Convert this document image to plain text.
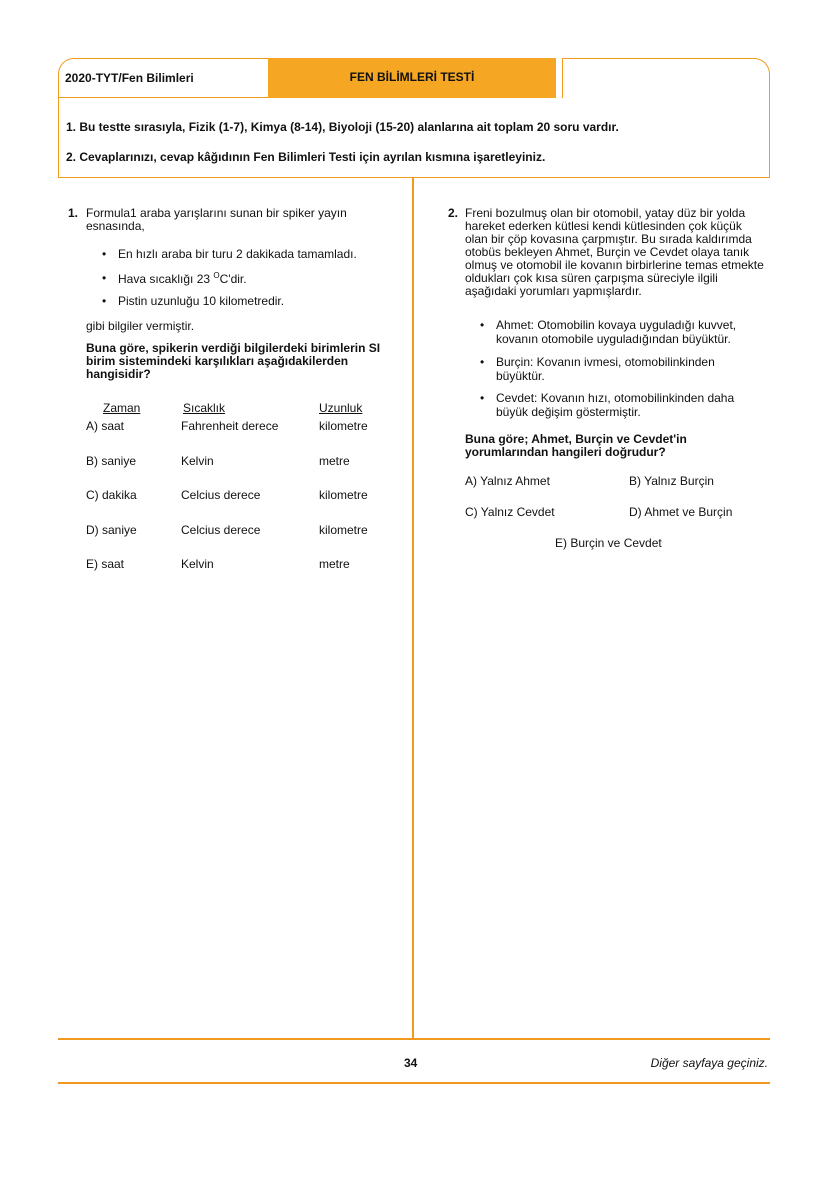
2020-TYT/Fen Bilimleri	FEN BİLİMLERİ TESTİ
1. Bu testte sırasıyla, Fizik (1-7), Kimya (8-14), Biyoloji (15-20) alanlarına ait toplam 20 soru vardır.
2. Cevaplarınızı, cevap kâğıdının Fen Bilimleri Testi için ayrılan kısmına işaretleyiniz.
1. Formula1 araba yarışlarını sunan bir spiker yayın
esnasında,
• En hızlı araba bir turu 2 dakikada tamamladı.
• Hava sıcaklığı 23 $^O$C'dir.
• Pistin uzunluğu 10 kilometredir.
gibi bilgiler vermiştir.
Buna göre, spikerin verdiği bilgilerdeki birimlerin SI
birim sistemindeki karşılıkları aşağıdakilerden
hangisidir?
Zaman	Sıcaklık	Uzunluk
A) saat	Fahrenheit derece	kilometre
B) saniye	Kelvin	metre
C) dakika	Celcius derece	kilometre
D) saniye	Celcius derece	kilometre
E) saat	Kelvin	metre
2. Freni bozulmuş olan bir otomobil, yatay düz bir yolda
hareket ederken kütlesi kendi kütlesinden çok küçük
olan bir çöp kovasına çarpmıştır. Bu sırada kaldırımda
otobüs bekleyen Ahmet, Burçin ve Cevdet olaya tanık
olmuş ve otomobil ile kovanın birbirlerine temas etmekte
oldukları çok kısa süren çarpışma süreciyle ilgili
aşağıdaki yorumları yapmışlardır.
• Ahmet: Otomobilin kovaya uyguladığı kuvvet,
kovanın otomobile uyguladığından büyüktür.
• Burçin: Kovanın ivmesi, otomobilinkinden
büyüktür.
• Cevdet: Kovanın hızı, otomobilinkinden daha
büyük değişim göstermiştir.
Buna göre; Ahmet, Burçin ve Cevdet'in
yorumlarından hangileri doğrudur?
A) Yalnız Ahmet	B) Yalnız Burçin
C) Yalnız Cevdet	D) Ahmet ve Burçin
E) Burçin ve Cevdet
34	Diğer sayfaya geçiniz.
